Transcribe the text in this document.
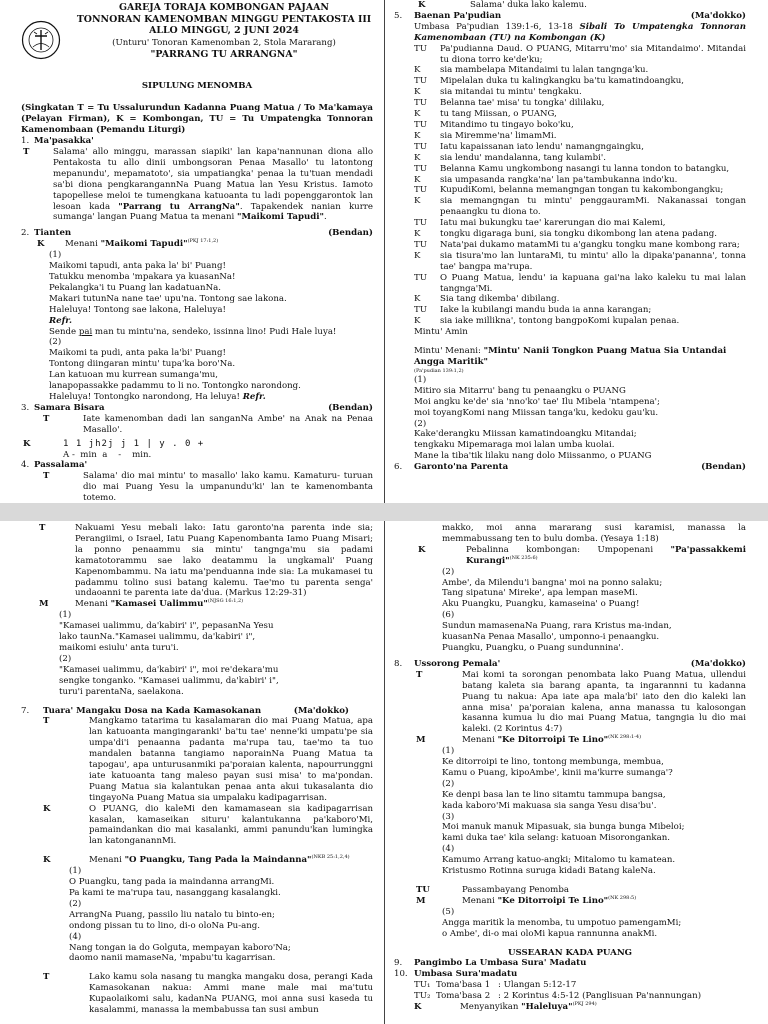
GAREJA TORAJA KOMBONGAN PAJAAN
TONNORAN KAMENOMBAN MINGGU PENTAKOSTA III
ALLO MINGGU, 2 JUNI 2024
(Unturu' Tonoran Kamenomban 2, Stola Mararang)
"PARRANG TU ARRANGNA"
SIPULUNG MENOMBA
(Singkatan T = Tu Ussalurundun Kadanna Puang Matua / To Ma'kamaya (Pelayan Firman), K = Kombongan, TU = Tu Umpatengka Tonnoran Kamenombaan (Pemandu Liturgi)
1. Ma'pasakka'
T	Salama' allo minggu, marassan siapiki' lan kapa'nannunan diona allo Pentakosta tu allo dinii umbongsoran Penaa Masallo' tu latontong mepanundu', mepamatoto', sia umpatiangka' penaa la tu'tuan mendadi sa'bi diona pengkarangannNa Puang Matua lan Yesu Kristus. Iamoto tapopellese meloi te tumengkana katuoanta tu ladi popenggarontok lan lesoan kada "Parrang tu ArrangNa". Tapakendek nanian kurre sumanga' langan Puang Matua ta menani "Maikomi Tapudi".
2. Tianten	(Bendan)
K	Menani "Maikomi Tapudi"$^{(PKJ 17:1,2)}$
(1)
Maikomi tapudi, anta paka la' bi' Puang!
Tatukku menomba 'mpakara ya kuasanNa!
Pekalangka'i tu Puang lan kadatuanNa.
Makari tutunNa nane tae' upu'na. Tontong sae lakona.
Haleluya! Tontong sae lakona, Haleluya!
Refr.
Sende pai man tu mintu'na, sendeko, issinna lino! Pudi Hale luya!
(2)
Maikomi ta pudi, anta paka la'bi' Puang!
Tontong diingaran mintu' tupa'ka boro'Na.
Lan katuoan mu kurrean sumanga'mu,
lanapopassakke padammu to li no. Tontongko narondong.
Haleluya! Tontongko narondong, Ha leluya! Refr.
3. Samara Bisara	(Bendan)
T	Iate kamenomban dadi lan sanganNa Ambe' na Anak na Penaa Masallo'.
K	1 1 jh2j j 1 | y . 0 +
A -  min  a    -    min.
4. Passalama'
T	Salama' dio mai mintu' to masallo' lako kamu. Kamaturu- turuan dio mai Puang Yesu la umpanundu'ki' lan te kamenombanta totemo.
K	Salama' duka lako kalemu.
5.	Baenan Pa'pudian	(Ma'dokko)
Umbasa Pa'pudian 139:1-6, 13-18 Sibali To Umpatengka Tonnoran Kamenombaan (TU) na Kombongan (K)
TU	Pa'pudianna Daud. O PUANG, Mitarru'mo' sia Mitandaimo'. Mitandai tu diona torro ke'de'ku;
K	sia mambelapa Mitandaimi tu lalan tangnga'ku.
TU	Mipelalan duka tu kalingkangku ba'tu kamatindoangku,
K	sia mitandai tu mintu' tengkaku.
TU	Belanna tae' misa' tu tongka' dililaku,
K	tu tang Miissan, o PUANG,
TU	Mitandimo tu tingayo boko'ku,
K	sia Miremme'na' limamMi.
TU	Iatu kapaissanan iato lendu' namangngaingku,
K	sia lendu' mandalanna, tang kulambi'.
TU	Belanna Kamu ungkombong nasangi tu lanna tondon to batangku,
K	sia umpasanda rangka'na' lan pa'tambukanna indo'ku.
TU	KupudiKomi, belanna memangngan tongan tu kakombongangku;
K	sia memangngan tu mintu' penggauramMi. Nakanassai tongan penaangku tu diona to.
TU	Iatu mai bukungku tae' karerungan dio mai Kalemi,
K	tongku digaraga buni, sia tongku dikombong lan atena padang.
TU	Nata'pai dukamo matamMi tu a'gangku tongku mane kombong rara;
K	sia tisura'mo lan luntaraMi, tu mintu' allo la dipaka'pananna', tonna tae' bangpa ma'rupa.
TU	O Puang Matua, lendu' ia kapuana gai'na lako kaleku tu mai lalan tangnga'Mi.
K	Sia tang dikemba' dibilang.
TU	Iake la kubilangi mandu buda ia anna karangan;
K	sia iake millikna', tontong bangpoKomi kupalan penaa.
Mintu' Amin
Mintu' Menani: "Mintu' Nanii Tongkon Puang Matua Sia Untandai Angga Maritik"
(Pa'pudian 139:1,2)
(1)
Mitiro sia Mitarru' bang tu penaangku o PUANG
Moi angku ke'de' sia 'nno'ko' tae' Ilu Mibela 'ntampena';
moi toyangKomi nang Miissan tanga'ku, kedoku gau'ku.
(2)
Kake'derangku Miissan kamatindoangku Mitandai;
tengkaku Mipemaraga moi lalan umba kuolai.
Mane la tiba'tik lilaku nang dolo Miissanmo, o PUANG
6.	Garonto'na Parenta	(Bendan)
T	Nakuami Yesu mebali lako: Iatu garonto'na parenta inde sia; Perangiimi, o Israel, Iatu Puang Kapenombanta Iamo Puang Misari; la ponno penaammu sia mintu' tangnga'mu sia padami kamatotorammu sae lako deatammu la ungkamali' Puang Kapenombammu. Na iatu ma'penduanna inde sia: La mukamasei tu padammu tolino susi batang kalemu. Tae'mo tu parenta senga' undaoanni te parenta iate da'dua. (Markus 12:29-31)
M	Menani "Kamasei Ualimmu"$^{(NJSG 16:1,2)}$
(1)
"Kamasei ualimmu, da'kabiri' i", pepasanNa Yesu
lako taunNa."Kamasei ualimmu, da'kabiri' i",
maikomi esiulu' anta turu'i.
(2)
"Kamasei ualimmu, da'kabiri' i", moi re'dekara'mu
sengke tonganko. "Kamasei ualimmu, da'kabiri' i",
turu'i parentaNa, saelakona.
7.	Tuara' Mangaku Dosa na Kada Kamasokanan	(Ma'dokko)
T	Mangkamo tatarima tu kasalamaran dio mai Puang Matua, apa lan katuoanta mangingaranki' ba'tu tae' nenne'ki umpatu'pe sia umpa'di'i penaanna padanta ma'rupa tau, tae'mo ta tuo mandalen batanna tangiamo naporainNa Puang Matua ta tapogau', apa unturusanmiki pa'poraian kalenta, napourrunggni iate katuoanta tang maleso payan susi misa' to ma'pondan. Puang Matua sia kalantukan penaa anta akui tukasalanta dio tingayoNa Puang Matua sia umpalaku kadipagarrisan.
K	O PUANG, dio kaleMi den kamamasean sia kadipagarrisan kasalan, kamaseikan situru' kalantukanna pa'kaboro'Mi, pamaindankan dio mai kasalanki, ammi panundu'kan lumingka lan katonganannMi.
K	Menani "O Puangku, Tang Pada la Maindanna"$^{(NKB 25:1,2,4)}$
(1)
O Puangku, tang pada ia maindanna arrangMi.
Pa kami te ma'rupa tau, nasanggang kasalangki.
(2)
ArrangNa Puang, passilo liu natalo tu binto-en;
ondong pissan tu to lino, di-o oloNa Pu-ang.
(4)
Nang tongan ia do Golguta, mempayan kaboro'Na;
daomo nanii mamaseNa, 'mpabu'tu kagarrisan.
T	Lako kamu sola nasang tu mangka mangaku dosa, perangi Kada Kamasokanan nakua: Ammi mane male mai ma'tutu Kupaolaikomi salu, kadanNa PUANG, moi anna susi kaseda tu kasalammi, manassa la membabussa tan susi ambun
makko, moi anna mararang susi karamisi, manassa la memmabussang ten to bulu domba. (Yesaya 1:18)
K	Pebalinna kombongan: Umpopenani "Pa'passakkemi Kurangi"$^{(NK 235:6)}$
(2)
Ambe', da Milendu'i bangna' moi na ponno salaku;
Tang sipatuna' Mireke', apa lempan maseMi.
Aku Puangku, Puangku, kamaseina' o Puang!
(6)
Sundun mamasenaNa Puang, rara Kristus ma-indan,
kuasanNa Penaa Masallo', umponno-i penaangku.
Puangku, Puangku, o Puang sundunnina'.
8.	Ussorong Pemala'	(Ma'dokko)
T	Mai komi ta sorongan penombata lako Puang Matua, ullendui batang kaleta sia barang apanta, ta ingarannni tu kadanna Puang tu nakua: Apa iate apa mala'bi' iato den dio kaleki lan anna misa' pa'poraian kalena, anna manassa tu kalosongan kasanna kumua lu dio mai Puang Matua, tangngia lu dio mai kaleki. (2 Korintus 4:7)
M	Menani "Ke Ditorroipi Te Lino"$^{(NK 298:1-4)}$
(1)
Ke ditorroipi te lino, tontong membunga, membua,
Kamu o Puang, kipoAmbe', kinii ma'kurre sumanga'?
(2)
Ke denpi basa lan te lino sitamtu tammupa bangsa,
kada kaboro'Mi makuasa sia sanga Yesu disa'bu'.
(3)
Moi manuk manuk Mipasuak, sia bunga bunga Mibeloi;
kami duka tae' kila selang: katuoan Misorongankan.
(4)
Kamumo Arrang katuo-angki; Mitalomo tu kamatean.
Kristusmo Rotinna suruga kidadi Batang kaleNa.
TU	Passambayang Penomba
M	Menani "Ke Ditorroipi Te Lino"$^{(NK 298:5)}$
(5)
Angga maritik la menomba, tu umpotuo pamengamMi;
o Ambe', di-o mai oloMi kapua rannunna anakMi.
USSEARAN KADA PUANG
9.	Pangimbo La Umbasa Sura' Madatu
10. Umbasa Sura'madatu
TU₁ Toma'basa 1 : Ulangan 5:12-17
TU₂ Toma'basa 2 : 2 Korintus 4:5-12 (Panglisuan Pa'nannungan)
K	Menyanyikan "Haleluya"$^{(PKJ 294)}$
